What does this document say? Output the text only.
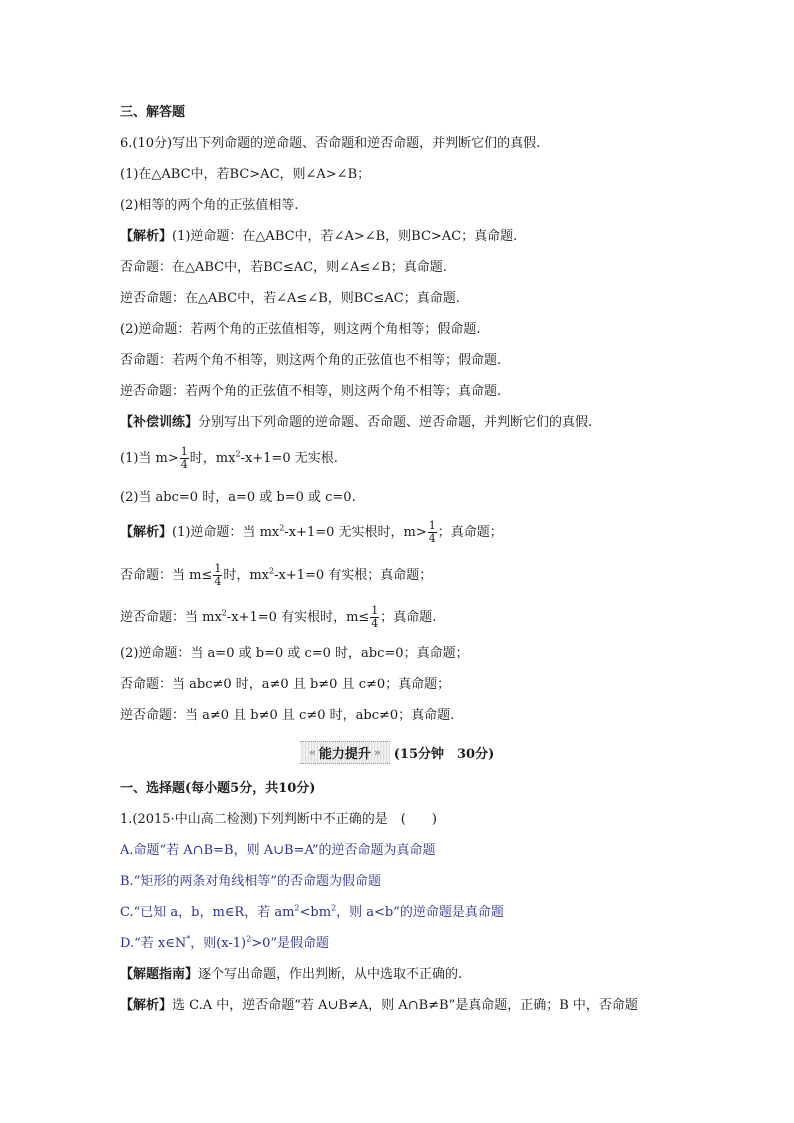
三、解答题
6.(10分)写出下列命题的逆命题、否命题和逆否命题，并判断它们的真假.
(1)在△ABC中，若BC>AC，则∠A>∠B；
(2)相等的两个角的正弦值相等.
【解析】(1)逆命题：在△ABC中，若∠A>∠B，则BC>AC；真命题.
否命题：在△ABC中，若BC≤AC，则∠A≤∠B；真命题.
逆否命题：在△ABC中，若∠A≤∠B，则BC≤AC；真命题.
(2)逆命题：若两个角的正弦值相等，则这两个角相等；假命题.
否命题：若两个角不相等，则这两个角的正弦值也不相等；假命题.
逆否命题：若两个角的正弦值不相等，则这两个角不相等；真命题.
【补偿训练】分别写出下列命题的逆命题、否命题、逆否命题，并判断它们的真假.
(1)当 $m> \frac{1}{4}$ 时，$mx^2-x+1=0$ 无实根.
(2)当 abc=0 时，a=0 或 b=0 或 c=0.
【解析】(1)逆命题：当 $mx^2-x+1=0$ 无实根时，$m> \frac{1}{4}$ ；真命题；
否命题：当 $m\le \frac{1}{4}$ 时，$mx^2-x+1=0$ 有实根；真命题；
逆否命题：当 $mx^2-x+1=0$ 有实根时，$m\le \frac{1}{4}$ ；真命题.
(2)逆命题：当 a=0 或 b=0 或 c=0 时，abc=0；真命题；
否命题：当 abc≠0 时，a≠0 且 b≠0 且 c≠0；真命题；
逆否命题：当 a≠0 且 b≠0 且 c≠0 时，abc≠0；真命题.
« 能力提升 » (15分钟　30分)
一、选择题(每小题5分，共10分)
1.(2015·中山高二检测)下列判断中不正确的是　(　　)
A.命题“若 A∩B=B，则 A∪B=A”的逆否命题为真命题
B.“矩形的两条对角线相等”的否命题为假命题
C.“已知 a，b，m∈R，若 $am^2<bm^2$，则 a<b”的逆命题是真命题
D.“若 x∈N*，则$(x-1)^2>0$”是假命题
【解题指南】逐个写出命题，作出判断，从中选取不正确的.
【解析】选 C.A 中，逆否命题“若 A∪B≠A，则 A∩B≠B”是真命题，正确；B 中，否命题
